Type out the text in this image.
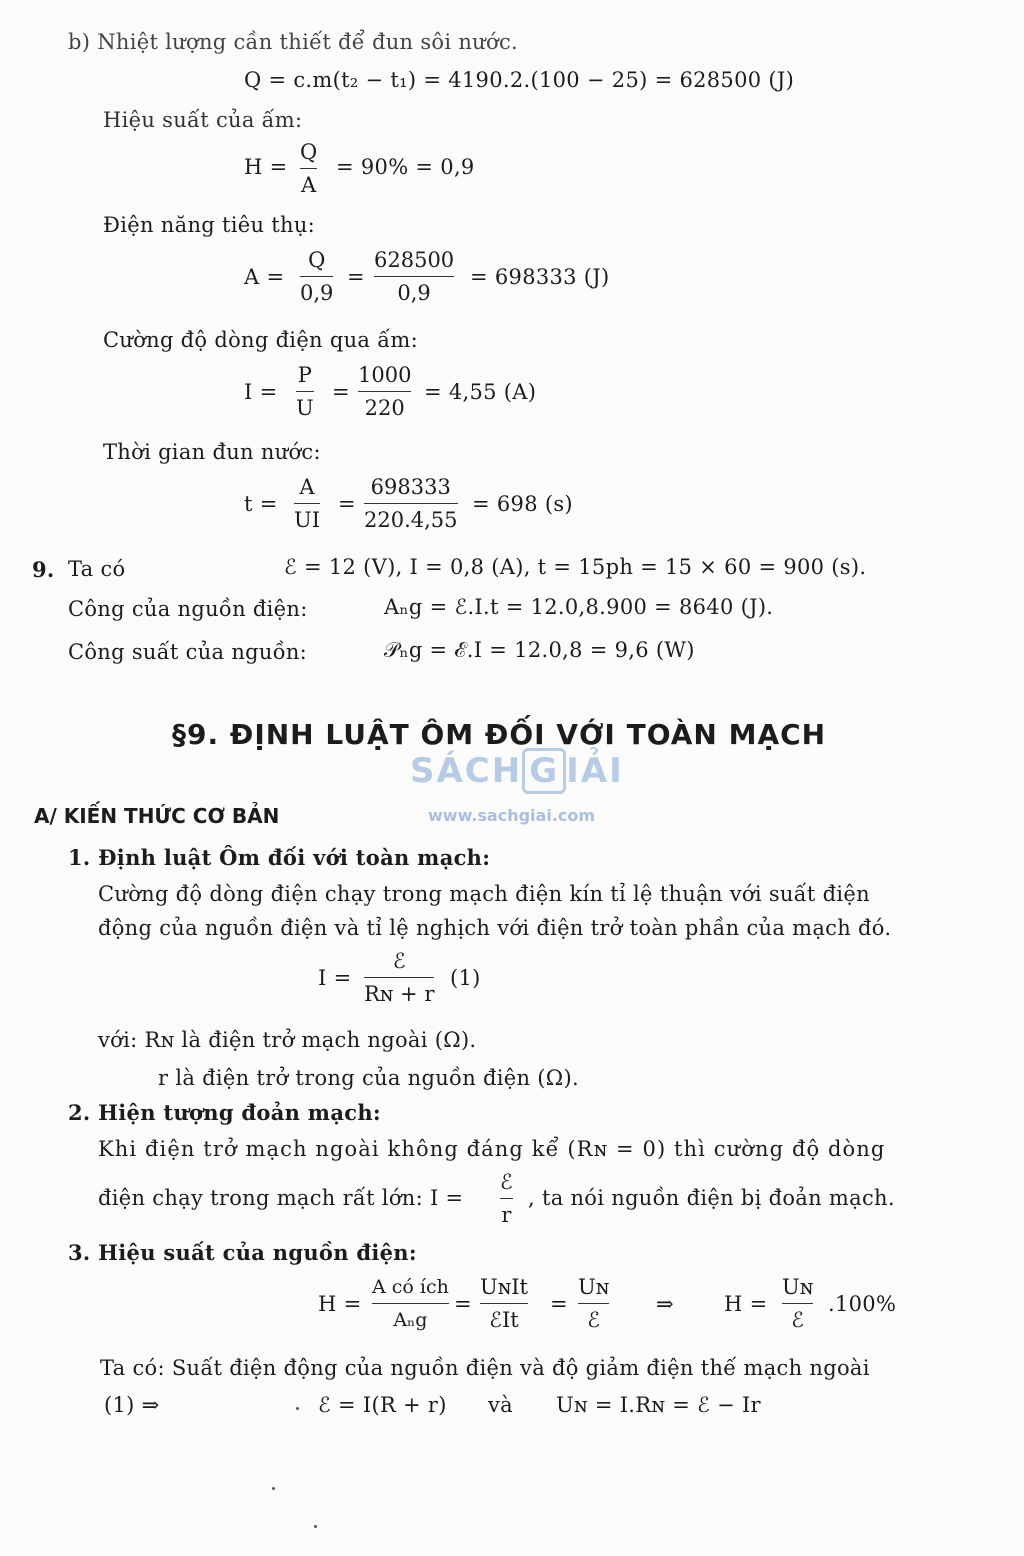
b) Nhiệt lượng cần thiết để đun sôi nước.
Q = c.m(t₂ − t₁) = 4190.2.(100 − 25) = 628500 (J)
Hiệu suất của ấm:
H =
Q
A
= 90% = 0,9
Điện năng tiêu thụ:
A =
Q
0,9
=
628500
0,9
= 698333 (J)
Cường độ dòng điện qua ấm:
I =
P
U
=
1000
220
= 4,55 (A)
Thời gian đun nước:
t =
A
UI
=
698333
220.4,55
= 698 (s)
9. Ta có	ℰ = 12 (V), I = 0,8 (A), t = 15ph = 15 × 60 = 900 (s).
Công của nguồn điện:	Aₙg = ℰ.I.t = 12.0,8.900 = 8640 (J).
Công suất của nguồn:	𝒫ₙg = ℰ.I = 12.0,8 = 9,6 (W)
§9. ĐỊNH LUẬT ÔM ĐỐI VỚI TOÀN MẠCH
SÁCH G IẢI
www.sachgiai.com
A/ KIẾN THỨC CƠ BẢN
1. Định luật Ôm đối với toàn mạch:
Cường độ dòng điện chạy trong mạch điện kín tỉ lệ thuận với suất điện
động của nguồn điện và tỉ lệ nghịch với điện trở toàn phần của mạch đó.
I =
ℰ
Rɴ + r
(1)
với: Rɴ là điện trở mạch ngoài (Ω).
r là điện trở trong của nguồn điện (Ω).
2. Hiện tượng đoản mạch:
Khi điện trở mạch ngoài không đáng kể (Rɴ = 0) thì cường độ dòng
điện chạy trong mạch rất lớn: I =
ℰ
r
, ta nói nguồn điện bị đoản mạch.
3. Hiệu suất của nguồn điện:
H =
A có ích
Aₙg
=
UɴIt
ℰIt
=
Uɴ
ℰ
⇒ H =
Uɴ
ℰ
.100%
Ta có: Suất điện động của nguồn điện và độ giảm điện thế mạch ngoài
(1) ⇒	ℰ = I(R + r) và Uɴ = I.Rɴ = ℰ − Ir
